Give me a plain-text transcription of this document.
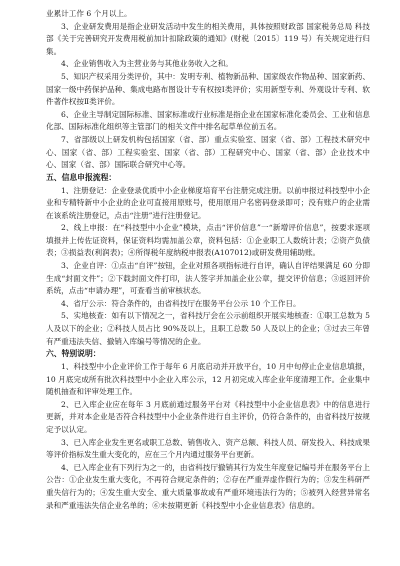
业累计工作 6 个月以上。

3、企业研发费用是指企业研发活动中发生的相关费用，具体按照财政部 国家税务总局 科技部《关于完善研究开发费用税前加计扣除政策的通知》(财税〔2015〕119 号）有关规定进行归集。

4、企业销售收入为主营业务与其他业务收入之和。

5、知识产权采用分类评价，其中：发明专利、植物新品种、国家级农作物品种、国家新药、国家一级中药保护品种、集成电路布图设计专有权按Ⅰ类评价；实用新型专利、外观设计专利、软件著作权按Ⅱ类评价。

6、企业主导制定国际标准、国家标准或行业标准是指企业在国家标准化委员会、工业和信息化部、国际标准化组织等主管部门的相关文件中排名起草单位前五名。

7、省部级以上研发机构包括国家（省、部）重点实验室、国家（省、部）工程技术研究中心、国家（省、部）工程实验室、国家（省、部）工程研究中心、国家（省、部）企业技术中心、国家（省、部）国际联合研究中心等。

五、信息申报流程：

1、注册登记：企业登录优质中小企业梯度培育平台注册完成注册。以前申报过科技型中小企业和专精特新中小企业的企业可直接用原账号，使用原用户名密码登录即可；没有账户的企业需在该系统注册登记，点击“注册”进行注册登记。

2、线上申报：在“科技型中小企业”模块，点击“评价信息”一“新增评价信息”，按要求逐项填报并上传佐证资料，保证资料均需加盖公章，资料包括：①企业职工人数统计表；②资产负债表；③损益表(利润表)；④所得税年度纳税申报表(A107012)或研发费用辅助账。

3、企业自评：①点击“自评”按钮，企业对照各项指标进行自评，确认自评结果满足 60 分即生成“封面文件”；②下载封面文件打印，法人签字并加盖企业公章，提交评价信息；③返回评价系统，点击“申请办理”，可查看当前审核状态。

4、省厅公示：符合条件的，由省科技厅在服务平台公示 10 个工作日。

5、实地核查：如有以下情况之一，省科技厅会在公示前组织开展实地核查：①职工总数为 5 人及以下的企业；②科技人员占比 90%及以上，且职工总数 50 人及以上的企业；③过去三年曾有严重违法失信、撤销入库编号等情况的企业。

六、特别说明：

1、科技型中小企业评价工作于每年 6 月底启动并开放平台，10 月中旬停止企业信息填报，10 月底完成所有批次科技型中小企业入库公示，12 月初完成入库企业年度清理工作。企业集中随机抽查和评审处理工作。

2、已入库企业应在每年 3 月底前通过服务平台对《科技型中小企业信息表》中的信息进行更新，并对本企业是否符合科技型中小企业条件进行自主评价，仍符合条件的，由省科技厅按规定予以认定。

3、已入库企业发生更名或职工总数、销售收入、资产总额、科技人员、研发投入、科技成果等评价指标发生重大变化的，应在三个月内通过服务平台更新。

4、已入库企业有下列行为之一的，由省科技厅撤销其行为发生年度登记编号并在服务平台上公告：①企业发生重大变化，不再符合规定条件的；②存在严重弄虚作假行为的；③发生科研严重失信行为的；④发生重大安全、重大质量事故或有严重环境违法行为的；⑤被列入经营异常名录和严重违法失信企业名单的；⑥未按期更新《科技型中小企业信息表》信息的。
